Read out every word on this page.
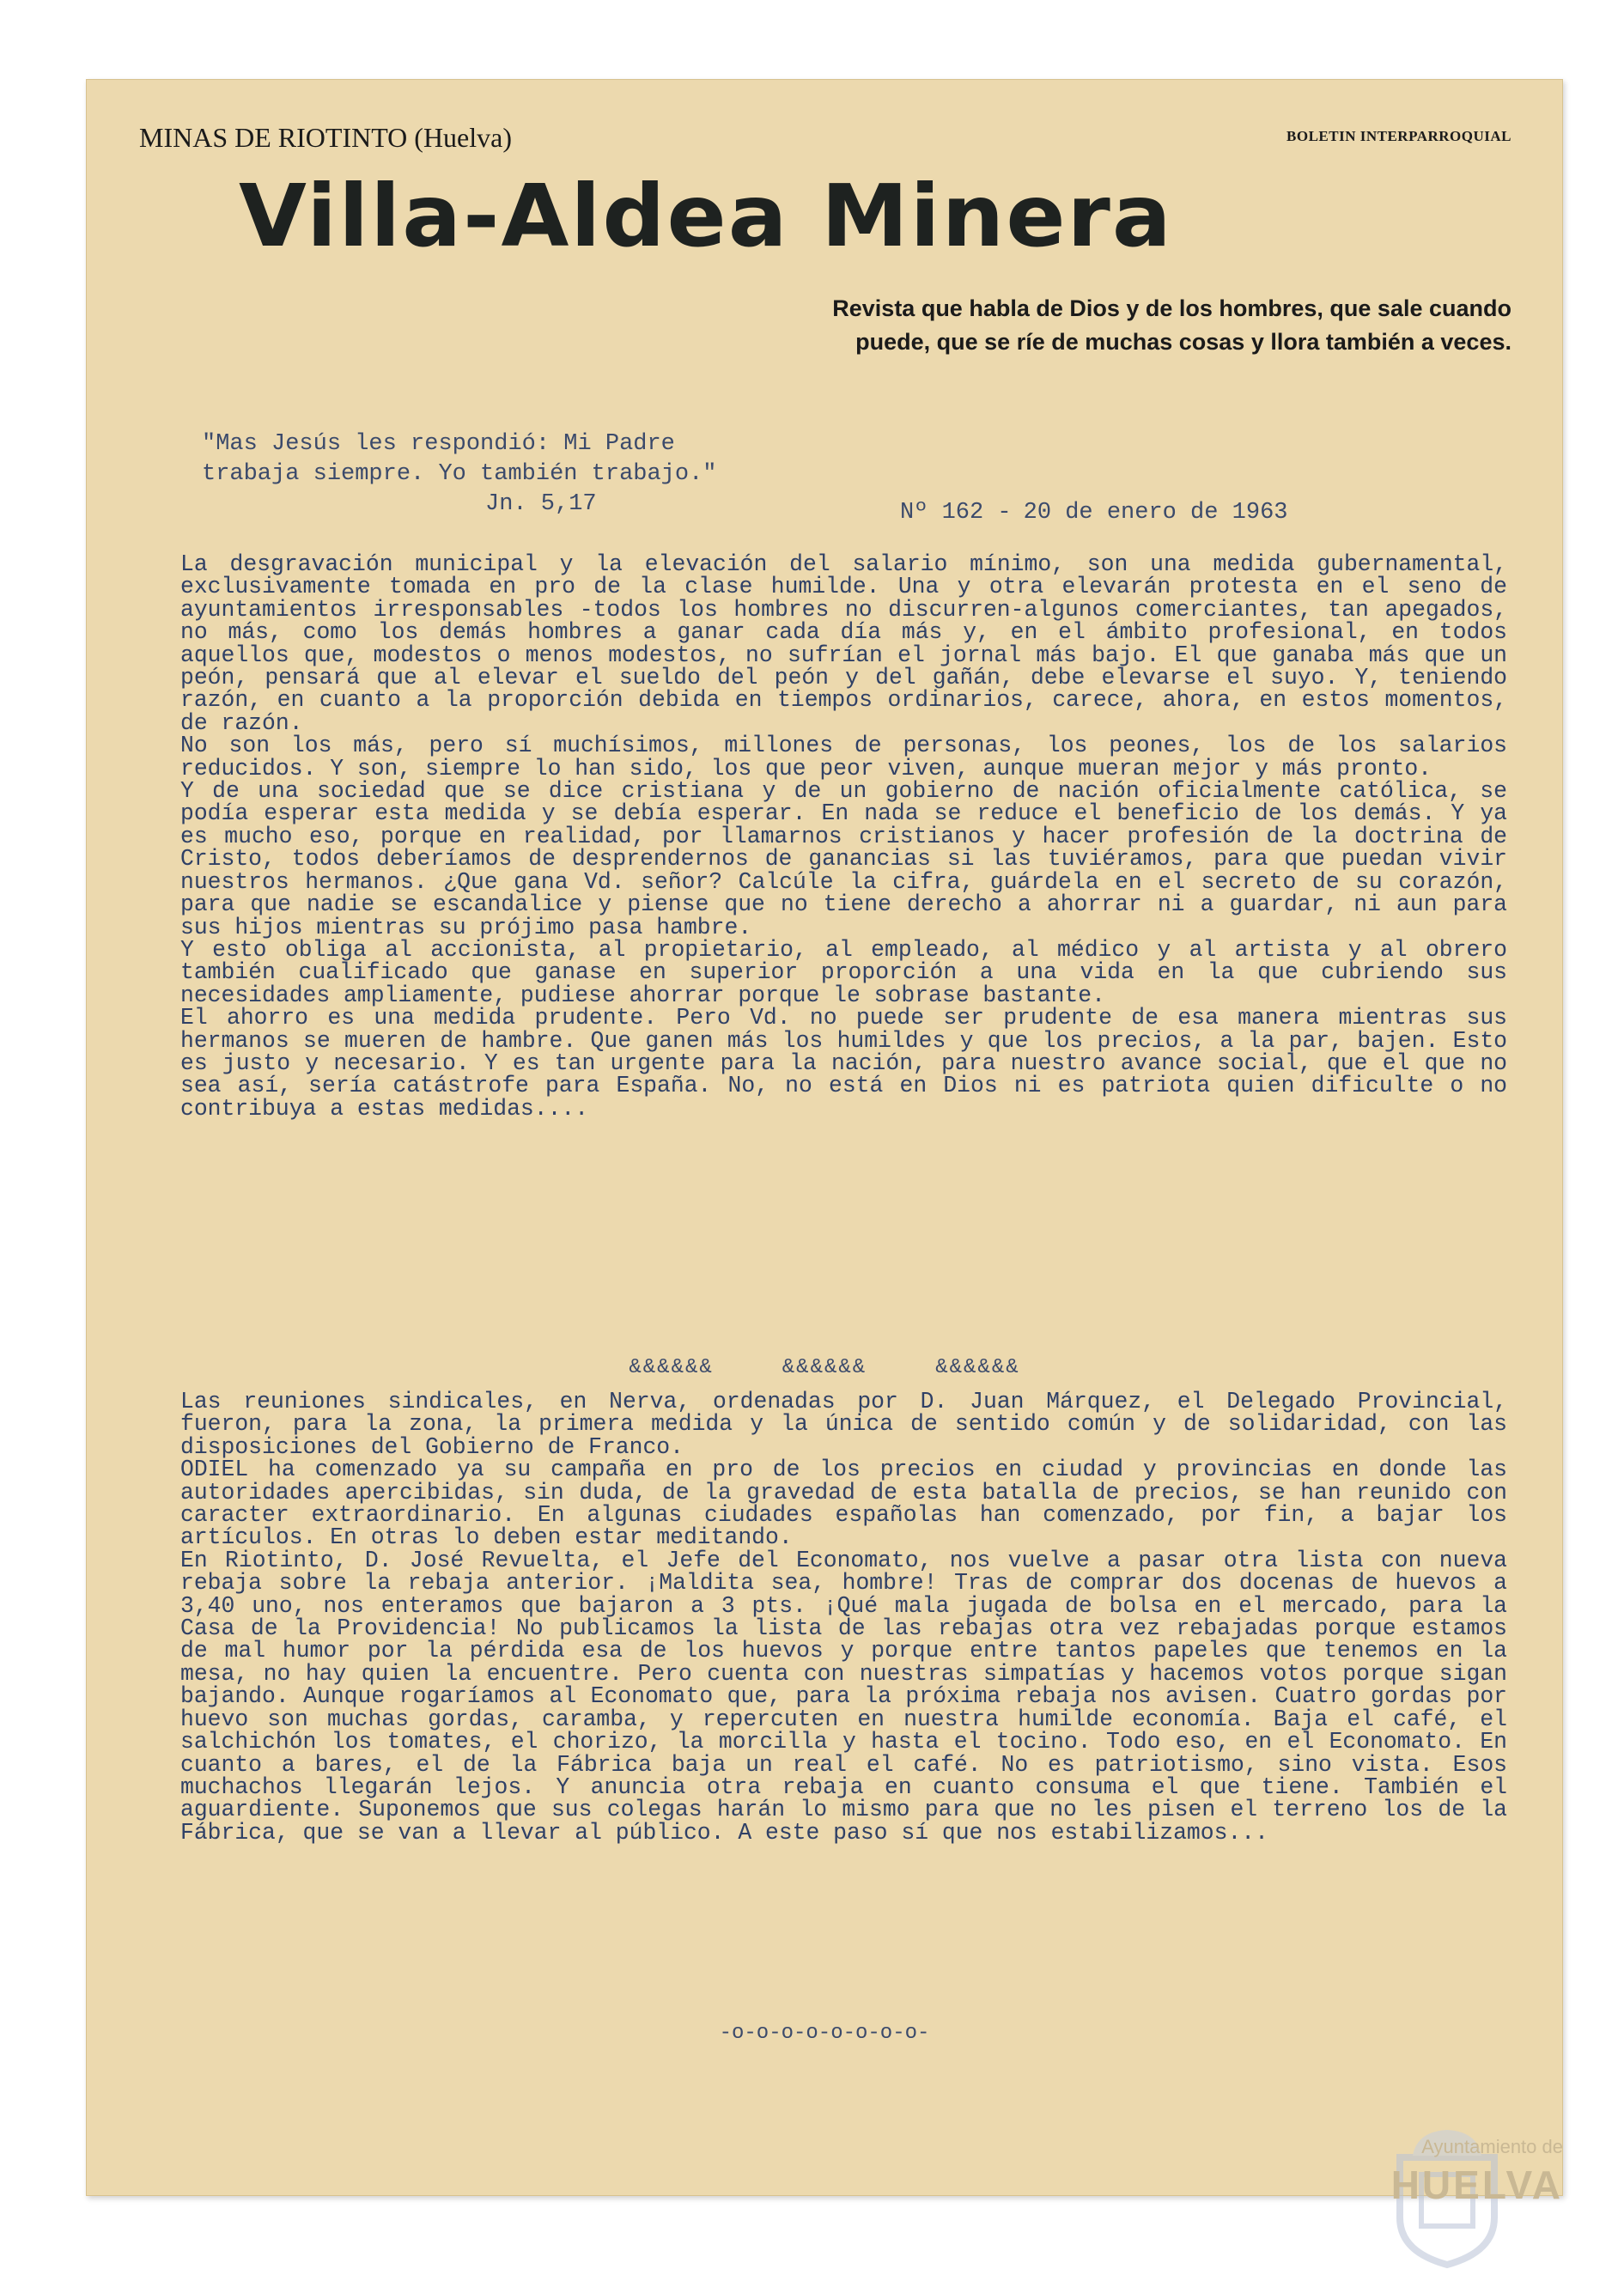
MINAS DE RIOTINTO (Huelva)	BOLETIN INTERPARROQUIAL
Villa-Aldea Minera
Revista que habla de Dios y de los hombres, que sale cuando
puede, que se ríe de muchas cosas y llora también a veces.
"Mas Jesús les respondió: Mi Padre
trabaja siempre. Yo también trabajo."
Jn. 5,17	Nº 162 - 20 de enero de 1963

La desgravación municipal y la elevación del salario mínimo, son una medida gubernamental, exclusivamente tomada en pro de la clase humilde. Una y otra elevarán protesta en el seno de ayuntamientos irresponsables -todos los hombres no discurren-algunos comerciantes, tan apegados, no más, como los demás hombres a ganar cada día más y, en el ámbito profesional, en todos aquellos que, modestos o menos modestos, no sufrían el jornal más bajo. El que ganaba más que un peón, pensará que al elevar el sueldo del peón y del gañán, debe elevarse el suyo. Y, teniendo razón, en cuanto a la proporción debida en tiempos ordinarios, carece, ahora, en estos momentos, de razón.

No son los más, pero sí muchísimos, millones de personas, los peones, los de los salarios reducidos. Y son, siempre lo han sido, los que peor viven, aunque mueran mejor y más pronto.

Y de una sociedad que se dice cristiana y de un gobierno de nación oficialmente católica, se podía esperar esta medida y se debía esperar. En nada se reduce el beneficio de los demás. Y ya es mucho eso, porque en realidad, por llamarnos cristianos y hacer profesión de la doctrina de Cristo, todos deberíamos de desprendernos de ganancias si las tuviéramos, para que puedan vivir nuestros hermanos. ¿Que gana Vd. señor? Calcúle la cifra, guárdela en el secreto de su corazón, para que nadie se escandalice y piense que no tiene derecho a ahorrar ni a guardar, ni aun para sus hijos mientras su prójimo pasa hambre.

Y esto obliga al accionista, al propietario, al empleado, al médico y al artista y al obrero también cualificado que ganase en superior proporción a una vida en la que cubriendo sus necesidades ampliamente, pudiese ahorrar porque le sobrase bastante.

El ahorro es una medida prudente. Pero Vd. no puede ser prudente de esa manera mientras sus hermanos se mueren de hambre. Que ganen más los humildes y que los precios, a la par, bajen. Esto es justo y necesario. Y es tan urgente para la nación, para nuestro avance social, que el que no sea así, sería catástrofe para España. No, no está en Dios ni es patriota quien dificulte o no contribuya a estas medidas....

&&&&&&	&&&&&&	&&&&&&

Las reuniones sindicales, en Nerva, ordenadas por D. Juan Márquez, el Delegado Provincial, fueron, para la zona, la primera medida y la única de sentido común y de solidaridad, con las disposiciones del Gobierno de Franco.

ODIEL ha comenzado ya su campaña en pro de los precios en ciudad y provincias en donde las autoridades apercibidas, sin duda, de la gravedad de esta batalla de precios, se han reunido con caracter extraordinario. En algunas ciudades españolas han comenzado, por fin, a bajar los artículos. En otras lo deben estar meditando.

En Riotinto, D. José Revuelta, el Jefe del Economato, nos vuelve a pasar otra lista con nueva rebaja sobre la rebaja anterior. ¡Maldita sea, hombre! Tras de comprar dos docenas de huevos a 3,40 uno, nos enteramos que bajaron a 3 pts. ¡Qué mala jugada de bolsa en el mercado, para la Casa de la Providencia! No publicamos la lista de las rebajas otra vez rebajadas porque estamos de mal humor por la pérdida esa de los huevos y porque entre tantos papeles que tenemos en la mesa, no hay quien la encuentre. Pero cuenta con nuestras simpatías y hacemos votos porque sigan bajando. Aunque rogaríamos al Economato que, para la próxima rebaja nos avisen. Cuatro gordas por huevo son muchas gordas, caramba, y repercuten en nuestra humilde economía. Baja el café, el salchichón los tomates, el chorizo, la morcilla y hasta el tocino. Todo eso, en el Economato. En cuanto a bares, el de la Fábrica baja un real el café. No es patriotismo, sino vista. Esos muchachos llegarán lejos. Y anuncia otra rebaja en cuanto consuma el que tiene. También el aguardiente. Suponemos que sus colegas harán lo mismo para que no les pisen el terreno los de la Fábrica, que se van a llevar al público. A este paso sí que nos estabilizamos...

-o-o-o-o-o-o-o-o-
Ayuntamiento de
HUELVA
